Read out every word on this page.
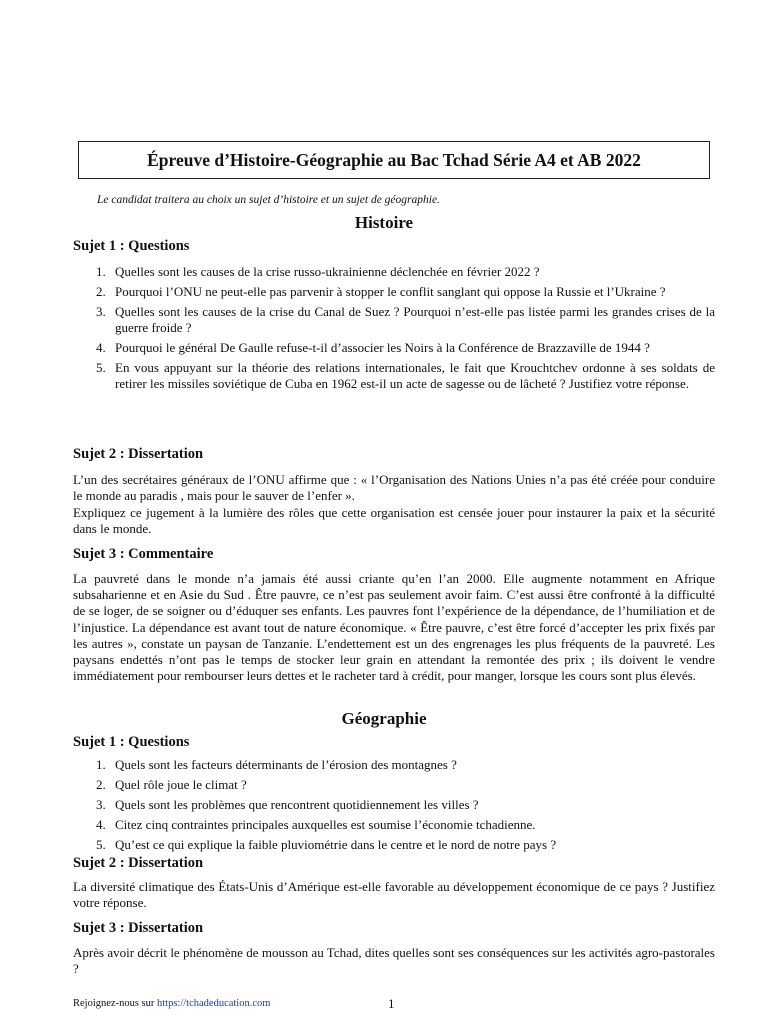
Épreuve d’Histoire-Géographie au Bac Tchad Série A4 et AB 2022
Le candidat traitera au choix un sujet d’histoire et un sujet de géographie.
Histoire
Sujet 1 : Questions
1. Quelles sont les causes de la crise russo-ukrainienne déclenchée en février 2022 ?
2. Pourquoi l’ONU ne peut-elle pas parvenir à stopper le conflit sanglant qui oppose la Russie et l’Ukraine ?
3. Quelles sont les causes de la crise du Canal de Suez ? Pourquoi n’est-elle pas listée parmi les grandes crises de la guerre froide ?
4. Pourquoi le général De Gaulle refuse-t-il d’associer les Noirs à la Conférence de Brazzaville de 1944 ?
5. En vous appuyant sur la théorie des relations internationales, le fait que Krouchtchev ordonne à ses soldats de retirer les missiles soviétique de Cuba en 1962 est-il un acte de sagesse ou de lâcheté ? Justifiez votre réponse.
Sujet 2 : Dissertation

L’un des secrétaires généraux de l’ONU affirme que : « l’Organisation des Nations Unies n’a pas été créée pour conduire le monde au paradis , mais pour le sauver de l’enfer ».

Expliquez ce jugement à la lumière des rôles que cette organisation est censée jouer pour instaurer la paix et la sécurité dans le monde.

Sujet 3 : Commentaire

La pauvreté dans le monde n’a jamais été aussi criante qu’en l’an 2000. Elle augmente notamment en Afrique subsaharienne et en Asie du Sud . Être pauvre, ce n’est pas seulement avoir faim. C’est aussi être confronté à la difficulté de se loger, de se soigner ou d’éduquer ses enfants. Les pauvres font l’expérience de la dépendance, de l’humiliation et de l’injustice. La dépendance est avant tout de nature économique. « Être pauvre, c’est être forcé d’accepter les prix fixés par les autres », constate un paysan de Tanzanie. L’endettement est un des engrenages les plus fréquents de la pauvreté. Les paysans endettés n’ont pas le temps de stocker leur grain en attendant la remontée des prix ; ils doivent le vendre immédiatement pour rembourser leurs dettes et le racheter tard à crédit, pour manger, lorsque les cours sont plus élevés.

Géographie
Sujet 1 : Questions
1. Quels sont les facteurs déterminants de l’érosion des montagnes ?
2. Quel rôle joue le climat ?
3. Quels sont les problèmes que rencontrent quotidiennement les villes ?
4. Citez cinq contraintes principales auxquelles est soumise l’économie tchadienne.
5. Qu’est ce qui explique la faible pluviométrie dans le centre et le nord de notre pays ?
Sujet 2 : Dissertation

La diversité climatique des États-Unis d’Amérique est-elle favorable au développement économique de ce pays ? Justifiez votre réponse.

Sujet 3 : Dissertation

Après avoir décrit le phénomène de mousson au Tchad, dites quelles sont ses conséquences sur les activités agro-pastorales ?

Rejoignez-nous sur https://tchadeducation.com	1
